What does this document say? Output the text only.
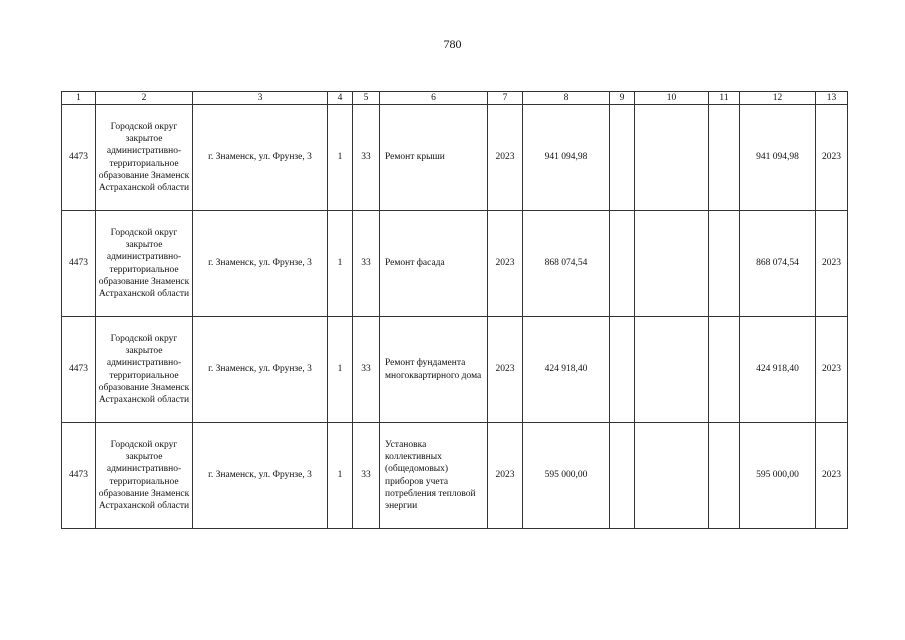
780
1	2	3	4	5	6	7	8	9	10	11	12	13
4473	Городской округ закрытое административно-территориальное образование Знаменск Астраханской области	г. Знаменск, ул. Фрунзе, 3	1	33	Ремонт крыши	2023	941 094,98				941 094,98	2023
4473	Городской округ закрытое административно-территориальное образование Знаменск Астраханской области	г. Знаменск, ул. Фрунзе, 3	1	33	Ремонт фасада	2023	868 074,54				868 074,54	2023
4473	Городской округ закрытое административно-территориальное образование Знаменск Астраханской области	г. Знаменск, ул. Фрунзе, 3	1	33	Ремонт фундамента многоквартирного дома	2023	424 918,40				424 918,40	2023
4473	Городской округ закрытое административно-территориальное образование Знаменск Астраханской области	г. Знаменск, ул. Фрунзе, 3	1	33	Установка коллективных (общедомовых) приборов учета потребления тепловой энергии	2023	595 000,00				595 000,00	2023
